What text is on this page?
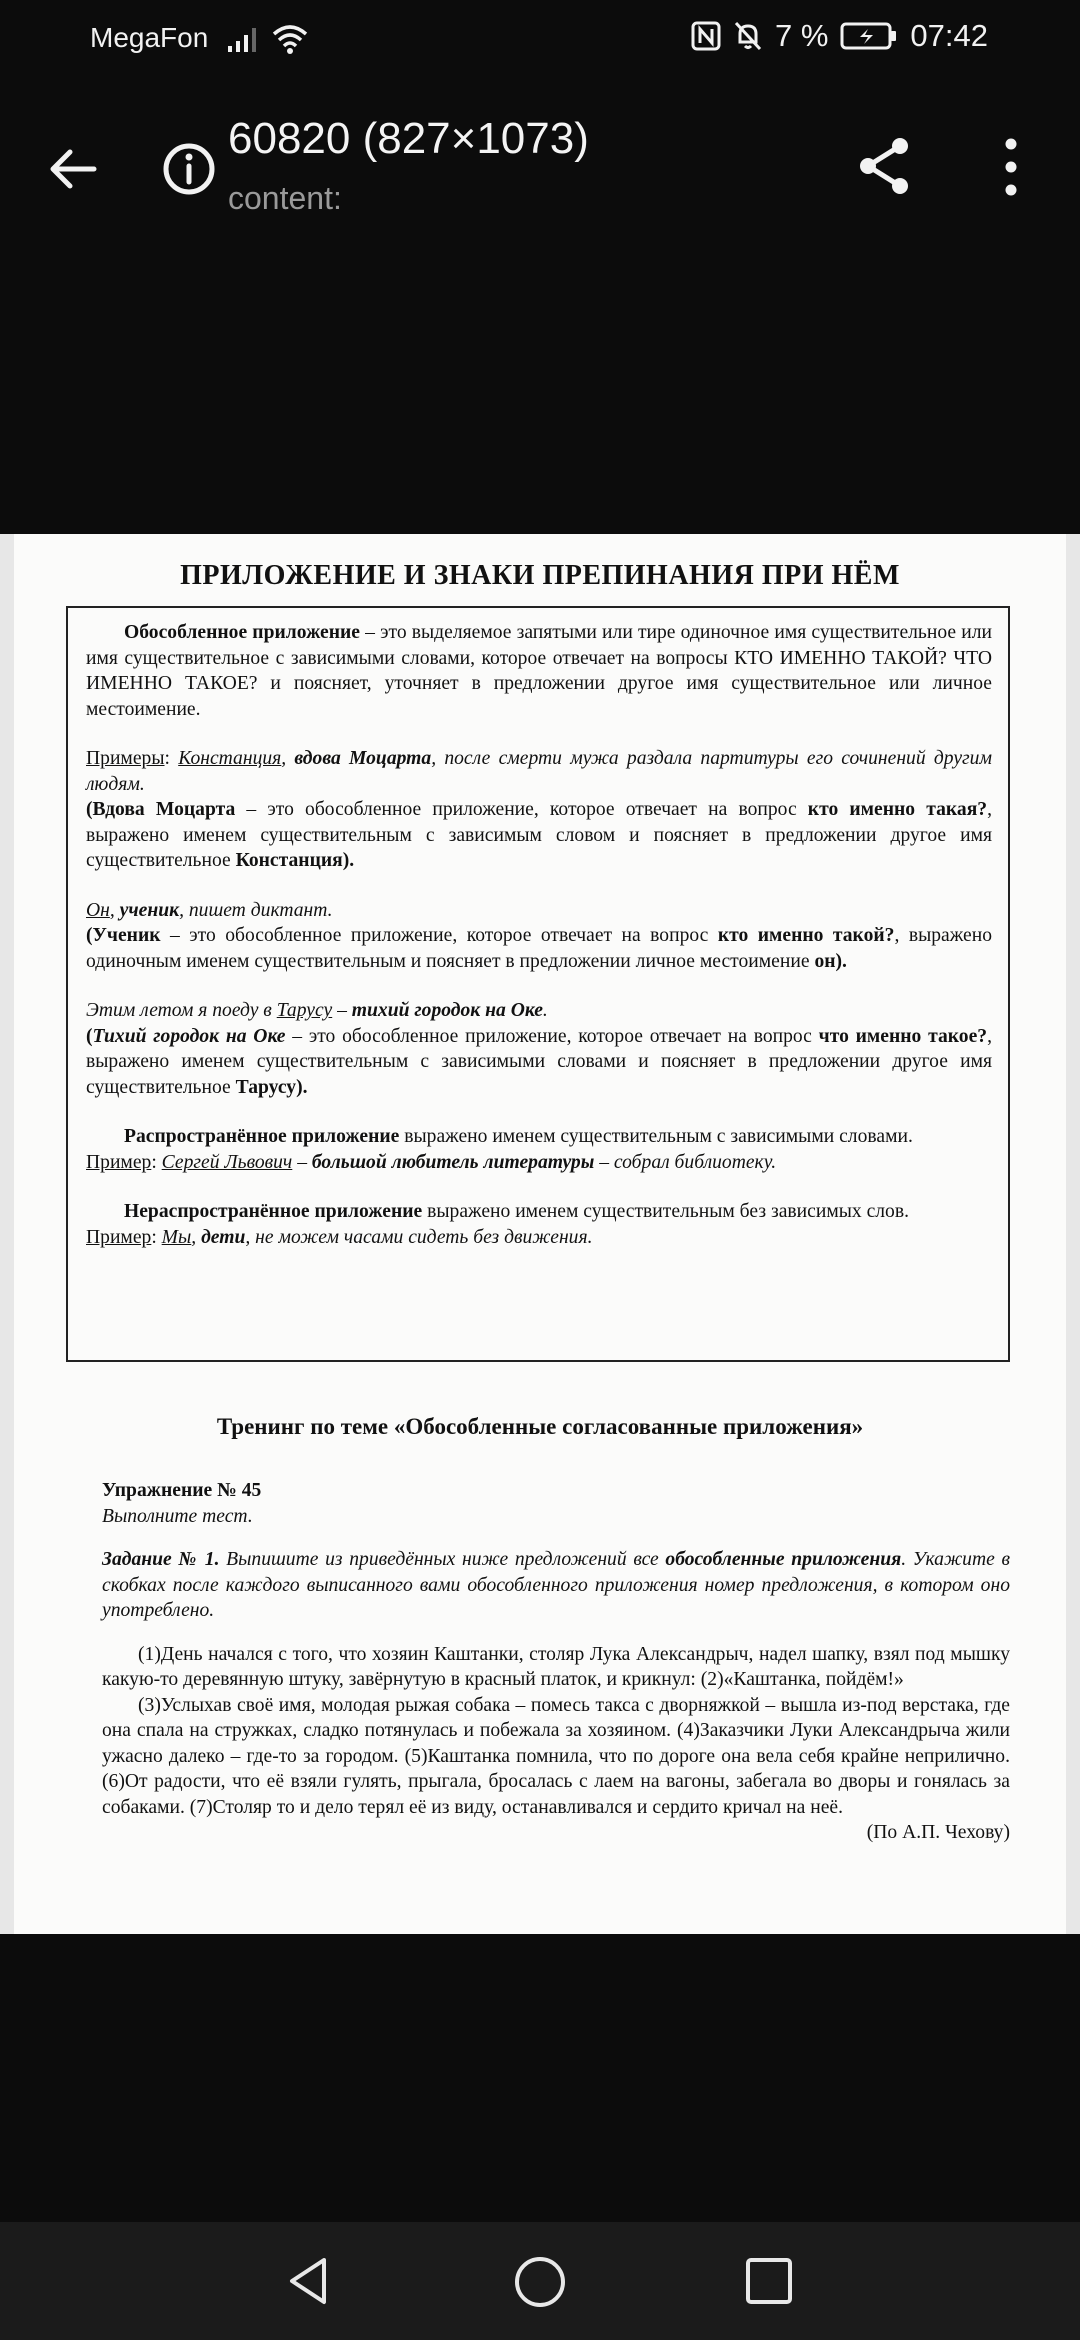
MegaFon	7 %	07:42
60820 (827×1073)
content:
ПРИЛОЖЕНИЕ И ЗНАКИ ПРЕПИНАНИЯ ПРИ НЁМ

Обособленное приложение – это выделяемое запятыми или тире одиночное имя существительное или имя существительное с зависимыми словами, которое отвечает на вопросы КТО ИМЕННО ТАКОЙ? ЧТО ИМЕННО ТАКОЕ? и поясняет, уточняет в предложении другое имя существительное или личное местоимение.

Примеры: Констанция, вдова Моцарта, после смерти мужа раздала партитуры его сочинений другим людям.

(Вдова Моцарта – это обособленное приложение, которое отвечает на вопрос кто именно такая?, выражено именем существительным с зависимым словом и поясняет в предложении другое имя существительное Констанция).

Он, ученик, пишет диктант.

(Ученик – это обособленное приложение, которое отвечает на вопрос кто именно такой?, выражено одиночным именем существительным и поясняет в предложении личное местоимение он).

Этим летом я поеду в Тарусу – тихий городок на Оке.

(Тихий городок на Оке – это обособленное приложение, которое отвечает на вопрос что именно такое?, выражено именем существительным с зависимыми словами и поясняет в предложении другое имя существительное Тарусу).

Распространённое приложение выражено именем существительным с зависимыми словами.

Пример: Сергей Львович – большой любитель литературы – собрал библиотеку.

Нераспространённое приложение выражено именем существительным без зависимых слов.

Пример: Мы, дети, не можем часами сидеть без движения.

Тренинг по теме «Обособленные согласованные приложения»

Упражнение № 45

Выполните тест.

Задание № 1. Выпишите из приведённых ниже предложений все обособленные приложения. Укажите в скобках после каждого выписанного вами обособленного приложения номер предложения, в котором оно употреблено.

(1)День начался с того, что хозяин Каштанки, столяр Лука Александрыч, надел шапку, взял под мышку какую-то деревянную штуку, завёрнутую в красный платок, и крикнул: (2)«Каштанка, пойдём!»

(3)Услыхав своё имя, молодая рыжая собака – помесь такса с дворняжкой – вышла из-под верстака, где она спала на стружках, сладко потянулась и побежала за хозяином. (4)Заказчики Луки Александрыча жили ужасно далеко – где-то за городом. (5)Каштанка помнила, что по дороге она вела себя крайне неприлично. (6)От радости, что её взяли гулять, прыгала, бросалась с лаем на вагоны, забегала во дворы и гонялась за собаками. (7)Столяр то и дело терял её из виду, останавливался и сердито кричал на неё.

(По А.П. Чехову)
